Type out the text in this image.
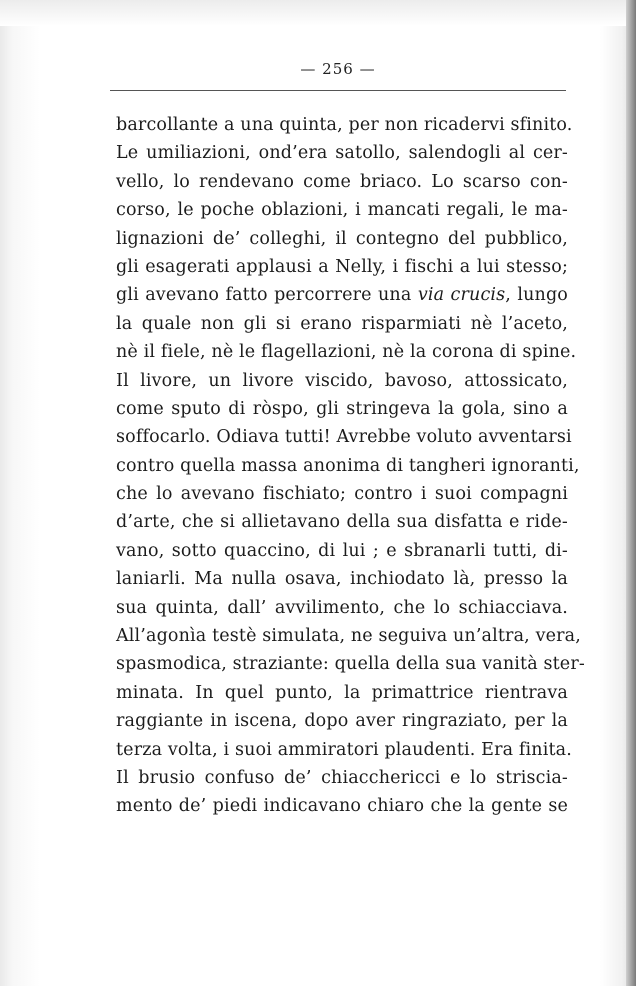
— 256 —
barcollante a una quinta, per non ricadervi sfinito.
Le umiliazioni, ond’era satollo, salendogli al cer-
vello, lo rendevano come briaco. Lo scarso con-
corso, le poche oblazioni, i mancati regali, le ma-
lignazioni de’ colleghi, il contegno del pubblico,
gli esagerati applausi a Nelly, i fischi a lui stesso;
gli avevano fatto percorrere una via crucis, lungo
la quale non gli si erano risparmiati nè l’aceto,
nè il fiele, nè le flagellazioni, nè la corona di spine.
Il livore, un livore viscido, bavoso, attossicato,
come sputo di ròspo, gli stringeva la gola, sino a
soffocarlo. Odiava tutti! Avrebbe voluto avventarsi
contro quella massa anonima di tangheri ignoranti,
che lo avevano fischiato; contro i suoi compagni
d’arte, che si allietavano della sua disfatta e ride-
vano, sotto quaccino, di lui ; e sbranarli tutti, di-
laniarli. Ma nulla osava, inchiodato là, presso la
sua quinta, dall’ avvilimento, che lo schiacciava.
All’agonìa testè simulata, ne seguiva un’altra, vera,
spasmodica, straziante: quella della sua vanità ster-
minata. In quel punto, la primattrice rientrava
raggiante in iscena, dopo aver ringraziato, per la
terza volta, i suoi ammiratori plaudenti. Era finita.
Il brusio confuso de’ chiacchericci e lo striscia-
mento de’ piedi indicavano chiaro che la gente se
